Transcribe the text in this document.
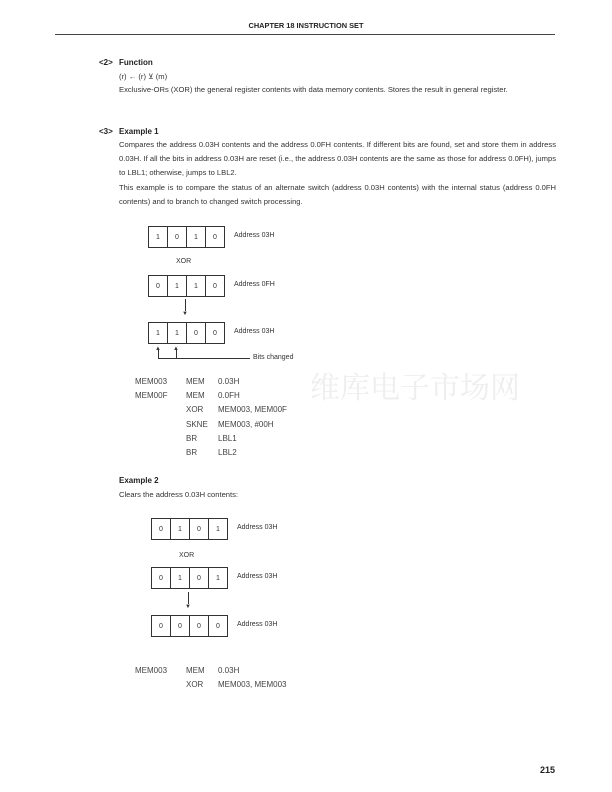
CHAPTER 18 INSTRUCTION SET
维库电子市场网
<2> Function
(r) ← (r) ⊻ (m)
Exclusive-ORs (XOR) the general register contents with data memory contents. Stores the result in general register.
<3> Example 1
Compares the address 0.03H contents and the address 0.0FH contents. If different bits are found, set and store them in address 0.03H. If all the bits in address 0.03H are reset (i.e., the address 0.03H contents are the same as those for address 0.0FH), jumps to LBL1; otherwise, jumps to LBL2.
This example is to compare the status of an alternate switch (address 0.03H contents) with the internal status (address 0.0FH contents) and to branch to changed switch processing.
1	0	1	0	Address 03H
0	1	1	0	Address 0FH
1	1	0	0	Address 03H
XOR
▼
▲ ▲
Bits changed
MEM003 MEM 0.03H
MEM00F MEM 0.0FH
XOR MEM003, MEM00F
SKNE MEM003, #00H
BR	LBL1
BR	LBL2
Example 2
Clears the address 0.03H contents:
0	1	0	1	Address 03H
0	1	0	1	Address 03H
0	0	0	0	Address 03H
XOR
▼
MEM003 MEM 0.03H
XOR MEM003, MEM003
215
